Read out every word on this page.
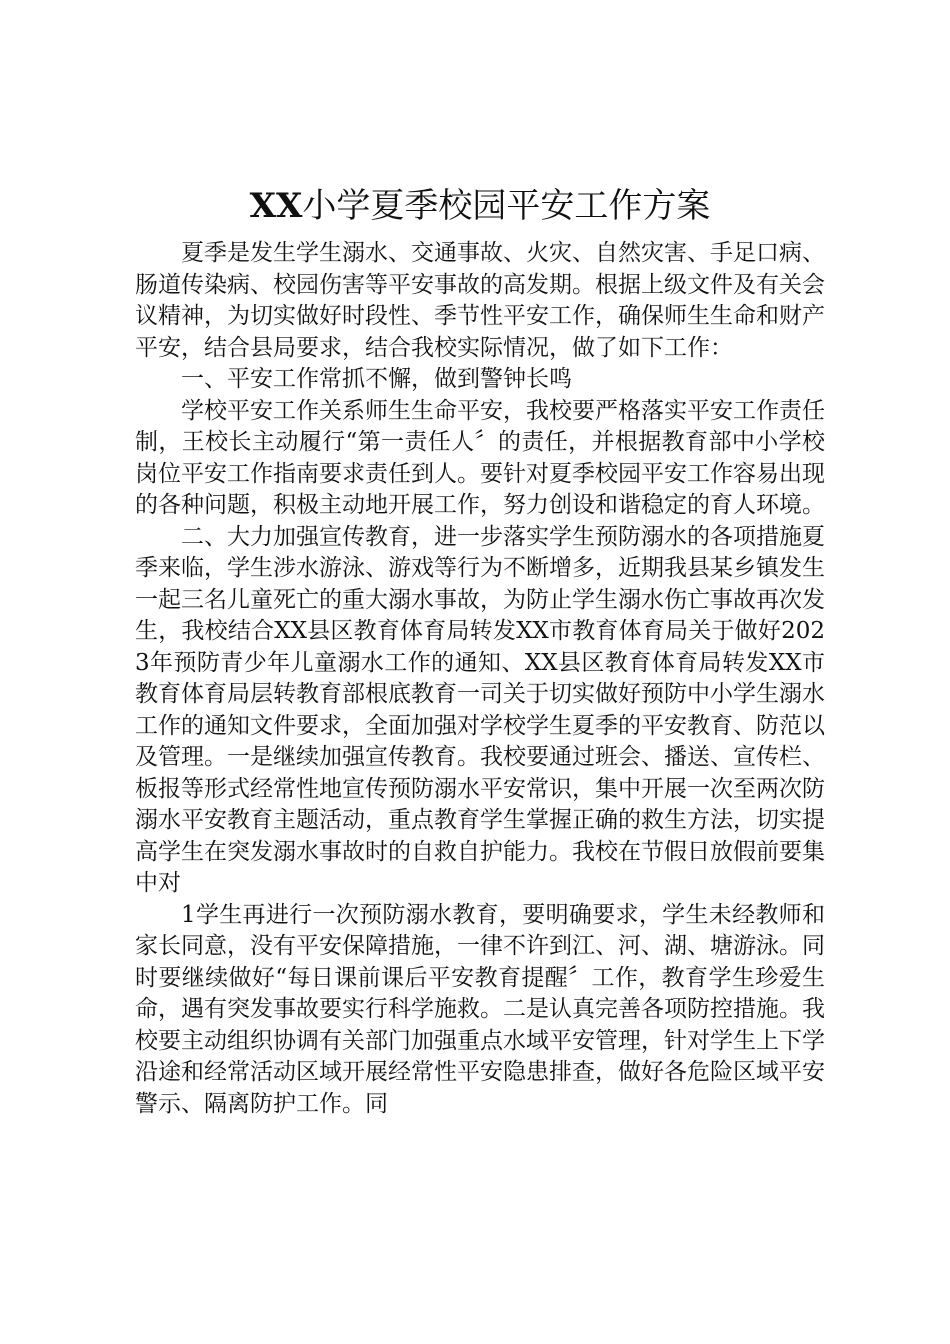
XX小学夏季校园平安工作方案

夏季是发生学生溺水、交通事故、火灾、自然灾害、手足口病、肠道传染病、校园伤害等平安事故的高发期。根据上级文件及有关会议精神，为切实做好时段性、季节性平安工作，确保师生生命和财产平安，结合县局要求，结合我校实际情况，做了如下工作：

一、平安工作常抓不懈，做到警钟长鸣

学校平安工作关系师生生命平安，我校要严格落实平安工作责任制，王校长主动履行“第一责任人〞的责任，并根据教育部中小学校岗位平安工作指南要求责任到人。要针对夏季校园平安工作容易出现的各种问题，积极主动地开展工作，努力创设和谐稳定的育人环境。

二、大力加强宣传教育，进一步落实学生预防溺水的各项措施夏季来临，学生涉水游泳、游戏等行为不断增多，近期我县某乡镇发生一起三名儿童死亡的重大溺水事故，为防止学生溺水伤亡事故再次发生，我校结合XX县区教育体育局转发XX市教育体育局关于做好2023年预防青少年儿童溺水工作的通知、XX县区教育体育局转发XX市教育体育局层转教育部根底教育一司关于切实做好预防中小学生溺水工作的通知文件要求，全面加强对学校学生夏季的平安教育、防范以及管理。一是继续加强宣传教育。我校要通过班会、播送、宣传栏、板报等形式经常性地宣传预防溺水平安常识，集中开展一次至两次防溺水平安教育主题活动，重点教育学生掌握正确的救生方法，切实提高学生在突发溺水事故时的自救自护能力。我校在节假日放假前要集中对

1学生再进行一次预防溺水教育，要明确要求，学生未经教师和家长同意，没有平安保障措施，一律不许到江、河、湖、塘游泳。同时要继续做好“每日课前课后平安教育提醒〞工作，教育学生珍爱生命，遇有突发事故要实行科学施救。二是认真完善各项防控措施。我校要主动组织协调有关部门加强重点水域平安管理，针对学生上下学沿途和经常活动区域开展经常性平安隐患排查，做好各危险区域平安警示、隔离防护工作。同
